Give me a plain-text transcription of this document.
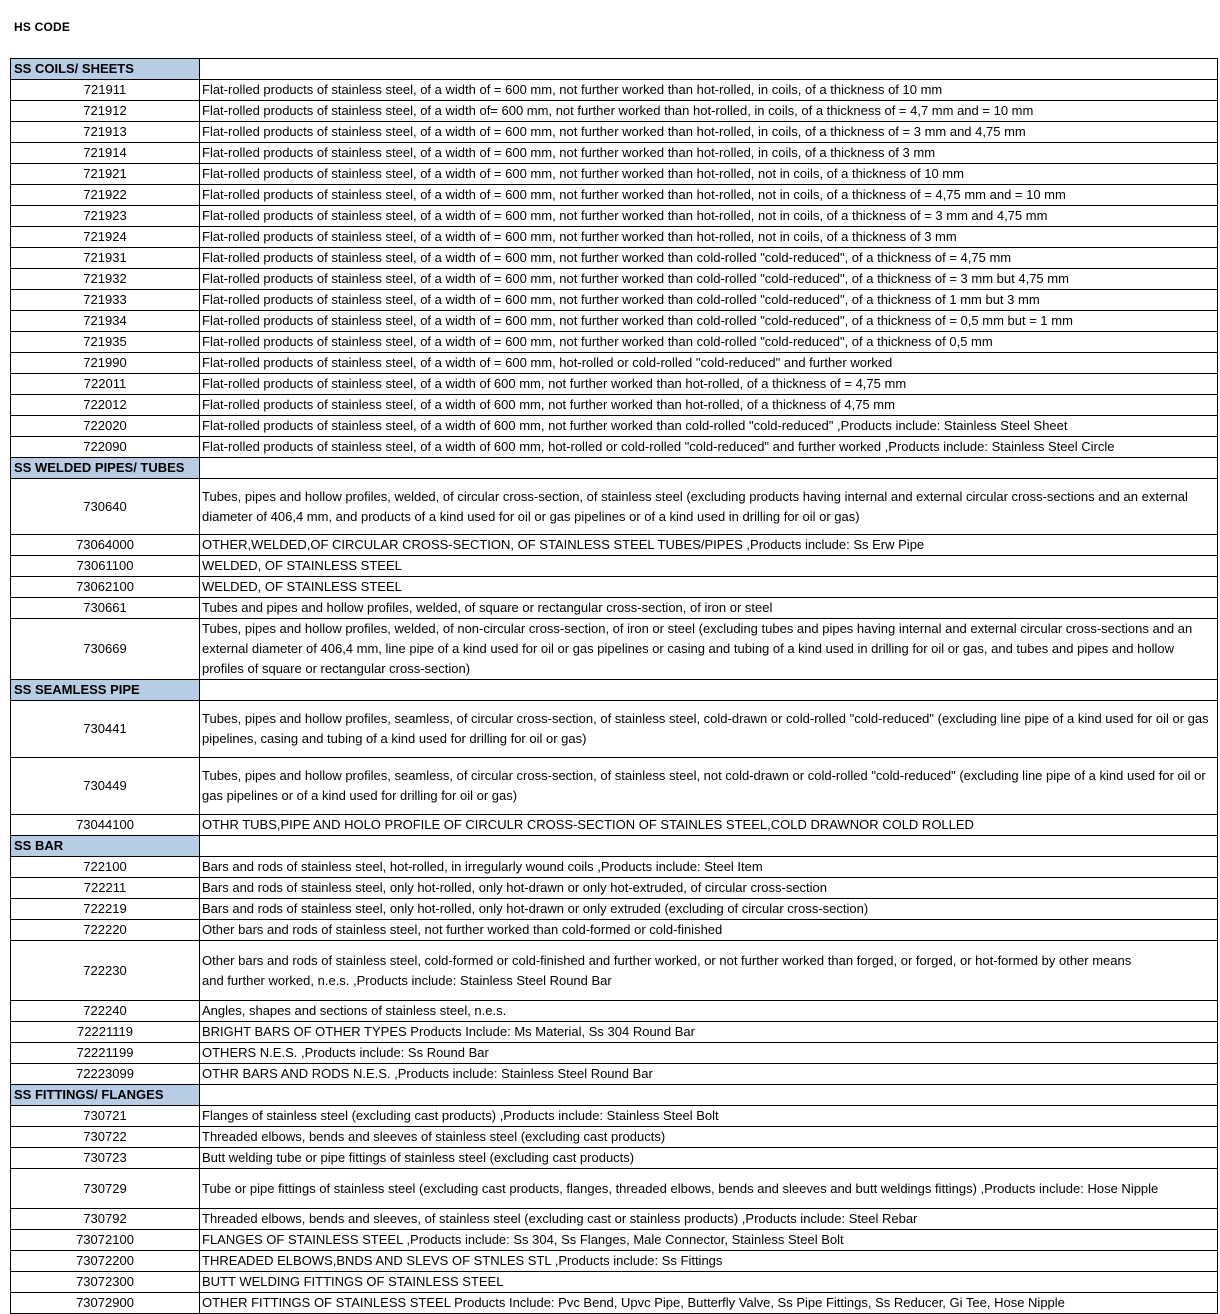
HS CODE
SS COILS/ SHEETS	
721911	Flat-rolled products of stainless steel, of a width of = 600 mm, not further worked than hot-rolled, in coils, of a thickness of 10 mm
721912	Flat-rolled products of stainless steel, of a width of= 600 mm, not further worked than hot-rolled, in coils, of a thickness of = 4,7 mm and = 10 mm
721913	Flat-rolled products of stainless steel, of a width of = 600 mm, not further worked than hot-rolled, in coils, of a thickness of = 3 mm and 4,75 mm
721914	Flat-rolled products of stainless steel, of a width of = 600 mm, not further worked than hot-rolled, in coils, of a thickness of 3 mm
721921	Flat-rolled products of stainless steel, of a width of = 600 mm, not further worked than hot-rolled, not in coils, of a thickness of 10 mm
721922	Flat-rolled products of stainless steel, of a width of = 600 mm, not further worked than hot-rolled, not in coils, of a thickness of = 4,75 mm and = 10 mm
721923	Flat-rolled products of stainless steel, of a width of = 600 mm, not further worked than hot-rolled, not in coils, of a thickness of = 3 mm and 4,75 mm
721924	Flat-rolled products of stainless steel, of a width of = 600 mm, not further worked than hot-rolled, not in coils, of a thickness of 3 mm
721931	Flat-rolled products of stainless steel, of a width of = 600 mm, not further worked than cold-rolled "cold-reduced", of a thickness of = 4,75 mm
721932	Flat-rolled products of stainless steel, of a width of = 600 mm, not further worked than cold-rolled "cold-reduced", of a thickness of = 3 mm but 4,75 mm
721933	Flat-rolled products of stainless steel, of a width of = 600 mm, not further worked than cold-rolled "cold-reduced", of a thickness of 1 mm but 3 mm
721934	Flat-rolled products of stainless steel, of a width of = 600 mm, not further worked than cold-rolled "cold-reduced", of a thickness of = 0,5 mm but = 1 mm
721935	Flat-rolled products of stainless steel, of a width of = 600 mm, not further worked than cold-rolled "cold-reduced", of a thickness of 0,5 mm
721990	Flat-rolled products of stainless steel, of a width of = 600 mm, hot-rolled or cold-rolled "cold-reduced" and further worked
722011	Flat-rolled products of stainless steel, of a width of 600 mm, not further worked than hot-rolled, of a thickness of = 4,75 mm
722012	Flat-rolled products of stainless steel, of a width of 600 mm, not further worked than hot-rolled, of a thickness of 4,75 mm
722020	Flat-rolled products of stainless steel, of a width of 600 mm, not further worked than cold-rolled "cold-reduced" ,Products include: Stainless Steel Sheet
722090	Flat-rolled products of stainless steel, of a width of 600 mm, hot-rolled or cold-rolled "cold-reduced" and further worked ,Products include: Stainless Steel Circle
SS WELDED PIPES/ TUBES	
730640	Tubes, pipes and hollow profiles, welded, of circular cross-section, of stainless steel (excluding products having internal and external circular cross-sections and an external diameter of 406,4 mm, and products of a kind used for oil or gas pipelines or of a kind used in drilling for oil or gas)
73064000	OTHER,WELDED,OF CIRCULAR CROSS-SECTION, OF STAINLESS STEEL TUBES/PIPES ,Products include: Ss Erw Pipe
73061100	WELDED, OF STAINLESS STEEL
73062100	WELDED, OF STAINLESS STEEL
730661	Tubes and pipes and hollow profiles, welded, of square or rectangular cross-section, of iron or steel
730669	Tubes, pipes and hollow profiles, welded, of non-circular cross-section, of iron or steel (excluding tubes and pipes having internal and external circular cross-sections and an external diameter of 406,4 mm, line pipe of a kind used for oil or gas pipelines or casing and tubing of a kind used in drilling for oil or gas, and tubes and pipes and hollow profiles of square or rectangular cross-section)
SS SEAMLESS PIPE	
730441	Tubes, pipes and hollow profiles, seamless, of circular cross-section, of stainless steel, cold-drawn or cold-rolled "cold-reduced" (excluding line pipe of a kind used for oil or gas pipelines, casing and tubing of a kind used for drilling for oil or gas)
730449	Tubes, pipes and hollow profiles, seamless, of circular cross-section, of stainless steel, not cold-drawn or cold-rolled "cold-reduced" (excluding line pipe of a kind used for oil or gas pipelines or of a kind used for drilling for oil or gas)
73044100	OTHR TUBS,PIPE AND HOLO PROFILE OF CIRCULR CROSS-SECTION OF STAINLES STEEL,COLD DRAWNOR COLD ROLLED
SS BAR	
722100	Bars and rods of stainless steel, hot-rolled, in irregularly wound coils ,Products include: Steel Item
722211	Bars and rods of stainless steel, only hot-rolled, only hot-drawn or only hot-extruded, of circular cross-section
722219	Bars and rods of stainless steel, only hot-rolled, only hot-drawn or only extruded (excluding of circular cross-section)
722220	Other bars and rods of stainless steel, not further worked than cold-formed or cold-finished
722230	Other bars and rods of stainless steel, cold-formed or cold-finished and further worked, or not further worked than forged, or forged, or hot-formed by other means
and further worked, n.e.s. ,Products include: Stainless Steel Round Bar
722240	Angles, shapes and sections of stainless steel, n.e.s.
72221119	BRIGHT BARS OF OTHER TYPES Products Include: Ms Material, Ss 304 Round Bar
72221199	OTHERS N.E.S. ,Products include: Ss Round Bar
72223099	OTHR BARS AND RODS N.E.S. ,Products include: Stainless Steel Round Bar
SS FITTINGS/ FLANGES	
730721	Flanges of stainless steel (excluding cast products) ,Products include: Stainless Steel Bolt
730722	Threaded elbows, bends and sleeves of stainless steel (excluding cast products)
730723	Butt welding tube or pipe fittings of stainless steel (excluding cast products)
730729	Tube or pipe fittings of stainless steel (excluding cast products, flanges, threaded elbows, bends and sleeves and butt weldings fittings) ,Products include: Hose Nipple
730792	Threaded elbows, bends and sleeves, of stainless steel (excluding cast or stainless products) ,Products include: Steel Rebar
73072100	FLANGES OF STAINLESS STEEL ,Products include: Ss 304, Ss Flanges, Male Connector, Stainless Steel Bolt
73072200	THREADED ELBOWS,BNDS AND SLEVS OF STNLES STL ,Products include: Ss Fittings
73072300	BUTT WELDING FITTINGS OF STAINLESS STEEL
73072900	OTHER FITTINGS OF STAINLESS STEEL Products Include: Pvc Bend, Upvc Pipe, Butterfly Valve, Ss Pipe Fittings, Ss Reducer, Gi Tee, Hose Nipple
